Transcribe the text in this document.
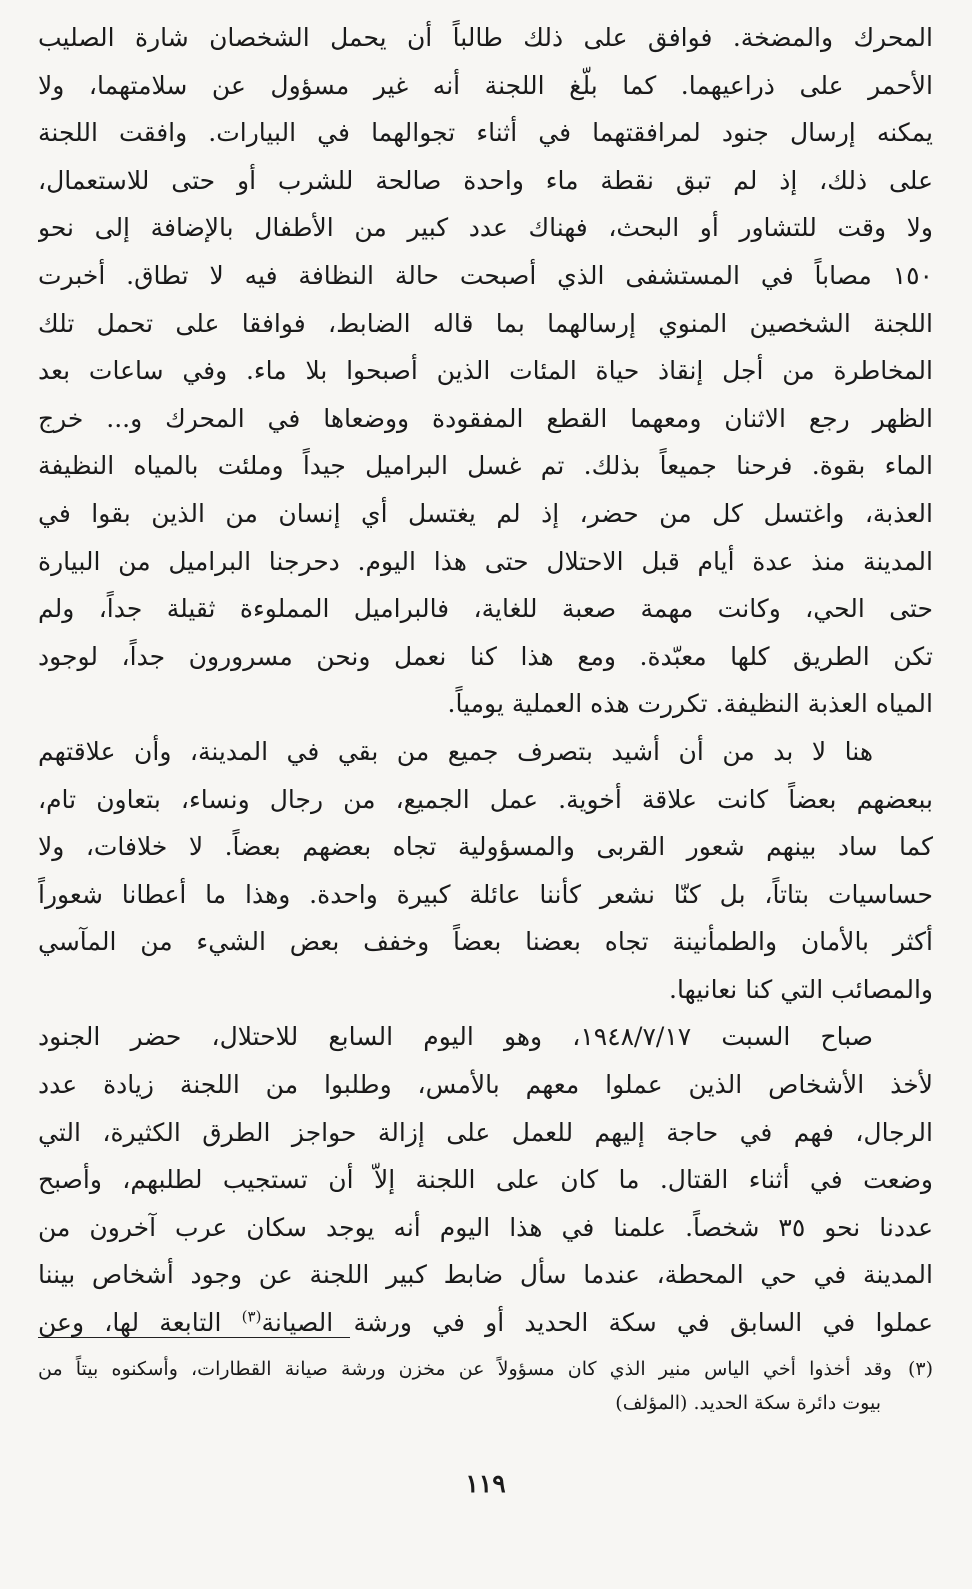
المحرك والمضخة. فوافق على ذلك طالباً أن يحمل الشخصان شارة الصليب
الأحمر على ذراعيهما. كما بلّغ اللجنة أنه غير مسؤول عن سلامتهما، ولا
يمكنه إرسال جنود لمرافقتهما في أثناء تجوالهما في البيارات. وافقت اللجنة
على ذلك، إذ لم تبق نقطة ماء واحدة صالحة للشرب أو حتى للاستعمال،
ولا وقت للتشاور أو البحث، فهناك عدد كبير من الأطفال بالإضافة إلى نحو
١٥٠ مصاباً في المستشفى الذي أصبحت حالة النظافة فيه لا تطاق. أخبرت
اللجنة الشخصين المنوي إرسالهما بما قاله الضابط، فوافقا على تحمل تلك
المخاطرة من أجل إنقاذ حياة المئات الذين أصبحوا بلا ماء. وفي ساعات بعد
الظهر رجع الاثنان ومعهما القطع المفقودة ووضعاها في المحرك و... خرج
الماء بقوة. فرحنا جميعاً بذلك. تم غسل البراميل جيداً وملئت بالمياه النظيفة
العذبة، واغتسل كل من حضر، إذ لم يغتسل أي إنسان من الذين بقوا في
المدينة منذ عدة أيام قبل الاحتلال حتى هذا اليوم. دحرجنا البراميل من البيارة
حتى الحي، وكانت مهمة صعبة للغاية، فالبراميل المملوءة ثقيلة جداً، ولم
تكن الطريق كلها معبّدة. ومع هذا كنا نعمل ونحن مسرورون جداً، لوجود
المياه العذبة النظيفة. تكررت هذه العملية يومياً.
هنا لا بد من أن أشيد بتصرف جميع من بقي في المدينة، وأن علاقتهم
ببعضهم بعضاً كانت علاقة أخوية. عمل الجميع، من رجال ونساء، بتعاون تام،
كما ساد بينهم شعور القربى والمسؤولية تجاه بعضهم بعضاً. لا خلافات، ولا
حساسيات بتاتاً، بل كنّا نشعر كأننا عائلة كبيرة واحدة. وهذا ما أعطانا شعوراً
أكثر بالأمان والطمأنينة تجاه بعضنا بعضاً وخفف بعض الشيء من المآسي
والمصائب التي كنا نعانيها.
صباح السبت ١٩٤٨/٧/١٧، وهو اليوم السابع للاحتلال، حضر الجنود
لأخذ الأشخاص الذين عملوا معهم بالأمس، وطلبوا من اللجنة زيادة عدد
الرجال، فهم في حاجة إليهم للعمل على إزالة حواجز الطرق الكثيرة، التي
وضعت في أثناء القتال. ما كان على اللجنة إلاّ أن تستجيب لطلبهم، وأصبح
عددنا نحو ٣٥ شخصاً. علمنا في هذا اليوم أنه يوجد سكان عرب آخرون من
المدينة في حي المحطة، عندما سأل ضابط كبير اللجنة عن وجود أشخاص بيننا
عملوا في السابق في سكة الحديد أو في ورشة الصيانة$^{(٣)}$ التابعة لها، وعن
(٣)وقد أخذوا أخي الياس منير الذي كان مسؤولاً عن مخزن ورشة صيانة القطارات، وأسكنوه بيتاً من
بيوت دائرة سكة الحديد. (المؤلف)
١١٩
